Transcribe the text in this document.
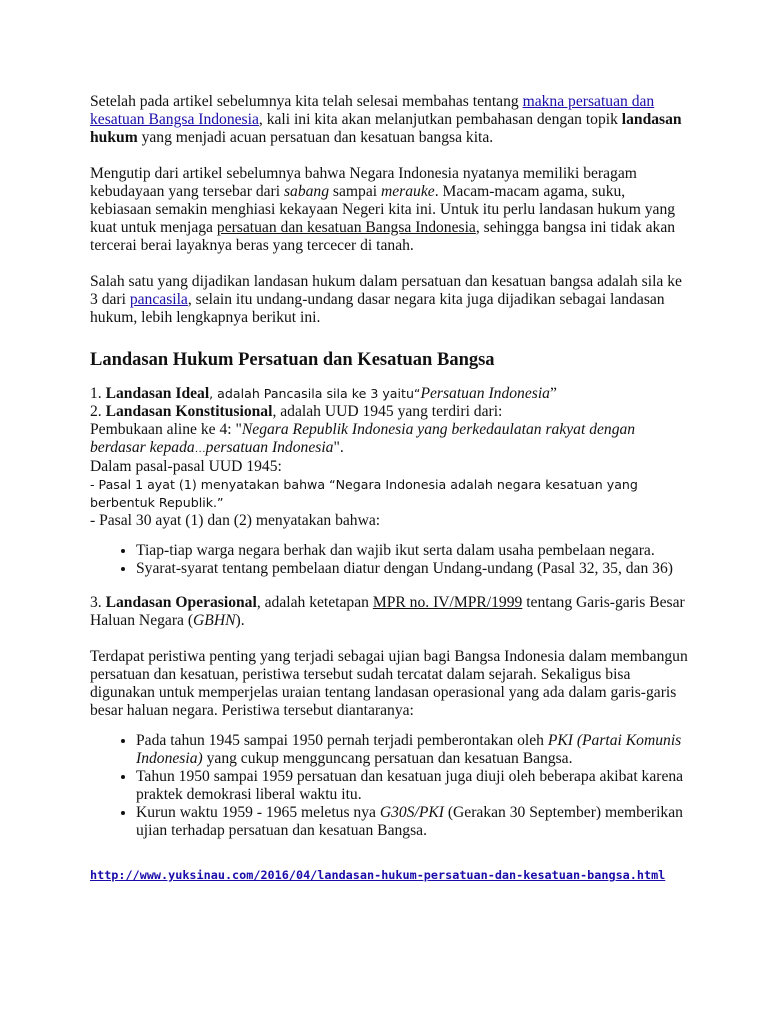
Setelah pada artikel sebelumnya kita telah selesai membahas tentang makna persatuan dan kesatuan Bangsa Indonesia, kali ini kita akan melanjutkan pembahasan dengan topik landasan hukum yang menjadi acuan persatuan dan kesatuan bangsa kita.

Mengutip dari artikel sebelumnya bahwa Negara Indonesia nyatanya memiliki beragam kebudayaan yang tersebar dari sabang sampai merauke. Macam-macam agama, suku, kebiasaan semakin menghiasi kekayaan Negeri kita ini. Untuk itu perlu landasan hukum yang kuat untuk menjaga persatuan dan kesatuan Bangsa Indonesia, sehingga bangsa ini tidak akan tercerai berai layaknya beras yang tercecer di tanah.

Salah satu yang dijadikan landasan hukum dalam persatuan dan kesatuan bangsa adalah sila ke 3 dari pancasila, selain itu undang-undang dasar negara kita juga dijadikan sebagai landasan hukum, lebih lengkapnya berikut ini.

Landasan Hukum Persatuan dan Kesatuan Bangsa

1. Landasan Ideal, adalah Pancasila sila ke 3 yaitu“Persatuan Indonesia”

2. Landasan Konstitusional, adalah UUD 1945 yang terdiri dari:

Pembukaan aline ke 4: "Negara Republik Indonesia yang berkedaulatan rakyat dengan berdasar kepada…persatuan Indonesia".

Dalam pasal-pasal UUD 1945:

- Pasal 1 ayat (1) menyatakan bahwa “Negara Indonesia adalah negara kesatuan yang berbentuk Republik.”

- Pasal 30 ayat (1) dan (2) menyatakan bahwa:

• Tiap-tiap warga negara berhak dan wajib ikut serta dalam usaha pembelaan negara.
• Syarat-syarat tentang pembelaan diatur dengan Undang-undang (Pasal 32, 35, dan 36)

3. Landasan Operasional, adalah ketetapan MPR no. IV/MPR/1999 tentang Garis-garis Besar Haluan Negara (GBHN).

Terdapat peristiwa penting yang terjadi sebagai ujian bagi Bangsa Indonesia dalam membangun persatuan dan kesatuan, peristiwa tersebut sudah tercatat dalam sejarah. Sekaligus bisa digunakan untuk memperjelas uraian tentang landasan operasional yang ada dalam garis-garis besar haluan negara. Peristiwa tersebut diantaranya:

• Pada tahun 1945 sampai 1950 pernah terjadi pemberontakan oleh PKI (Partai Komunis Indonesia) yang cukup mengguncang persatuan dan kesatuan Bangsa.
• Tahun 1950 sampai 1959 persatuan dan kesatuan juga diuji oleh beberapa akibat karena praktek demokrasi liberal waktu itu.
• Kurun waktu 1959 - 1965 meletus nya G30S/PKI (Gerakan 30 September) memberikan ujian terhadap persatuan dan kesatuan Bangsa.
http://www.yuksinau.com/2016/04/landasan-hukum-persatuan-dan-kesatuan-bangsa.html
